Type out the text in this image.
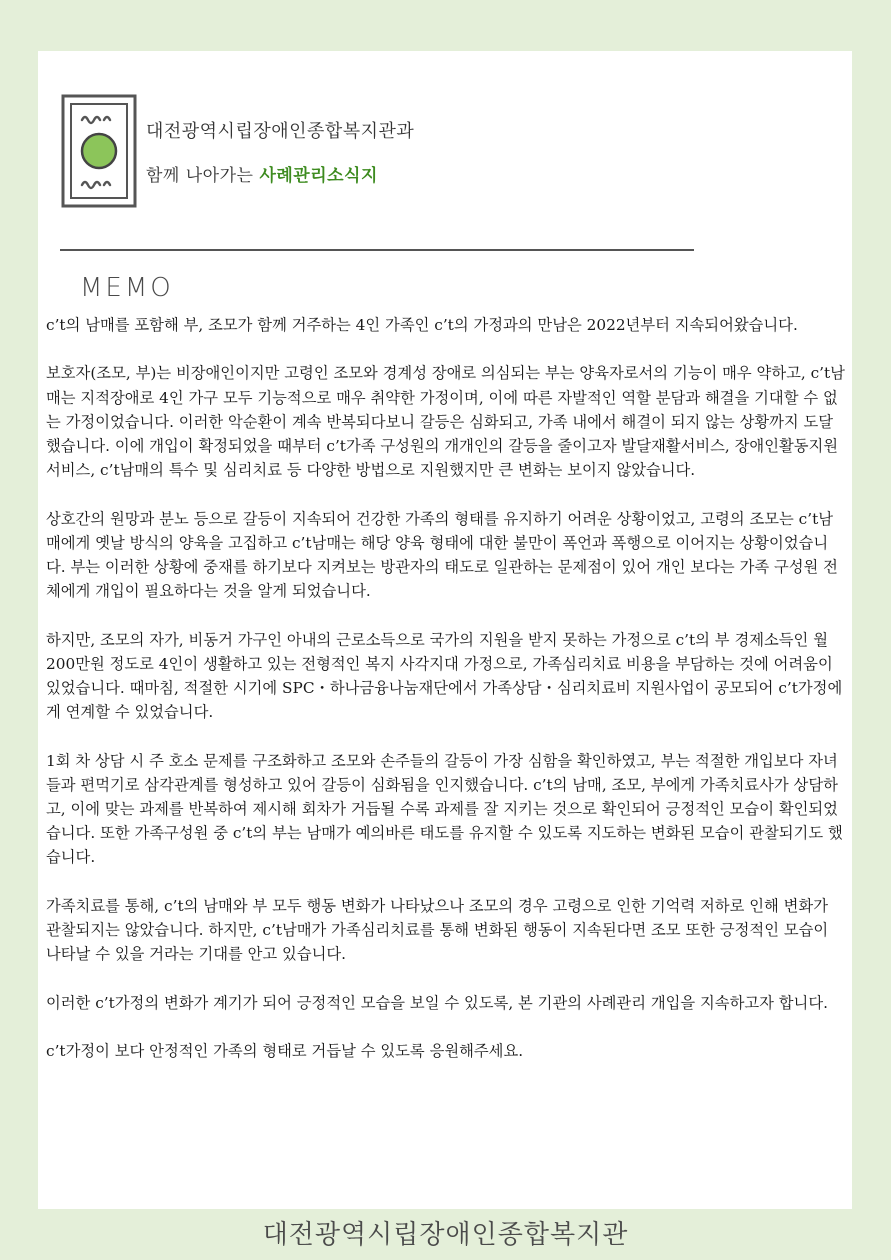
대전광역시립장애인종합복지관과
함께 나아가는 사례관리소식지
MEMO

c’t의 남매를 포함해 부, 조모가 함께 거주하는 4인 가족인 c’t의 가정과의 만남은 2022년부터 지속되어왔습니다.

보호자(조모, 부)는 비장애인이지만 고령인 조모와 경계성 장애로 의심되는 부는 양육자로서의 기능이 매우 약하고, c’t남매는 지적장애로 4인 가구 모두 기능적으로 매우 취약한 가정이며, 이에 따른 자발적인 역할 분담과 해결을 기대할 수 없는 가정이었습니다. 이러한 악순환이 계속 반복되다보니 갈등은 심화되고, 가족 내에서 해결이 되지 않는 상황까지 도달했습니다. 이에 개입이 확정되었을 때부터 c’t가족 구성원의 개개인의 갈등을 줄이고자 발달재활서비스, 장애인활동지원서비스, c’t남매의 특수 및 심리치료 등 다양한 방법으로 지원했지만 큰 변화는 보이지 않았습니다.

상호간의 원망과 분노 등으로 갈등이 지속되어 건강한 가족의 형태를 유지하기 어려운 상황이었고, 고령의 조모는 c’t남매에게 옛날 방식의 양육을 고집하고 c’t남매는 해당 양육 형태에 대한 불만이 폭언과 폭행으로 이어지는 상황이었습니다. 부는 이러한 상황에 중재를 하기보다 지켜보는 방관자의 태도로 일관하는 문제점이 있어 개인 보다는 가족 구성원 전체에게 개입이 필요하다는 것을 알게 되었습니다.

하지만, 조모의 자가, 비동거 가구인 아내의 근로소득으로 국가의 지원을 받지 못하는 가정으로 c’t의 부 경제소득인 월 200만원 정도로 4인이 생활하고 있는 전형적인 복지 사각지대 가정으로, 가족심리치료 비용을 부담하는 것에 어려움이 있었습니다. 때마침, 적절한 시기에 SPC・하나금융나눔재단에서 가족상담・심리치료비 지원사업이 공모되어 c’t가정에게 연계할 수 있었습니다.

1회 차 상담 시 주 호소 문제를 구조화하고 조모와 손주들의 갈등이 가장 심함을 확인하였고, 부는 적절한 개입보다 자녀들과 편먹기로 삼각관계를 형성하고 있어 갈등이 심화됨을 인지했습니다. c’t의 남매, 조모, 부에게 가족치료사가 상담하고, 이에 맞는 과제를 반복하여 제시해 회차가 거듭될 수록 과제를 잘 지키는 것으로 확인되어 긍정적인 모습이 확인되었습니다. 또한 가족구성원 중 c’t의 부는 남매가 예의바른 태도를 유지할 수 있도록 지도하는 변화된 모습이 관찰되기도 했습니다.

가족치료를 통해, c’t의 남매와 부 모두 행동 변화가 나타났으나 조모의 경우 고령으로 인한 기억력 저하로 인해 변화가 관찰되지는 않았습니다. 하지만, c’t남매가 가족심리치료를 통해 변화된 행동이 지속된다면 조모 또한 긍정적인 모습이 나타날 수 있을 거라는 기대를 안고 있습니다.

이러한 c’t가정의 변화가 계기가 되어 긍정적인 모습을 보일 수 있도록, 본 기관의 사례관리 개입을 지속하고자 합니다.

c’t가정이 보다 안정적인 가족의 형태로 거듭날 수 있도록 응원해주세요.

대전광역시립장애인종합복지관
